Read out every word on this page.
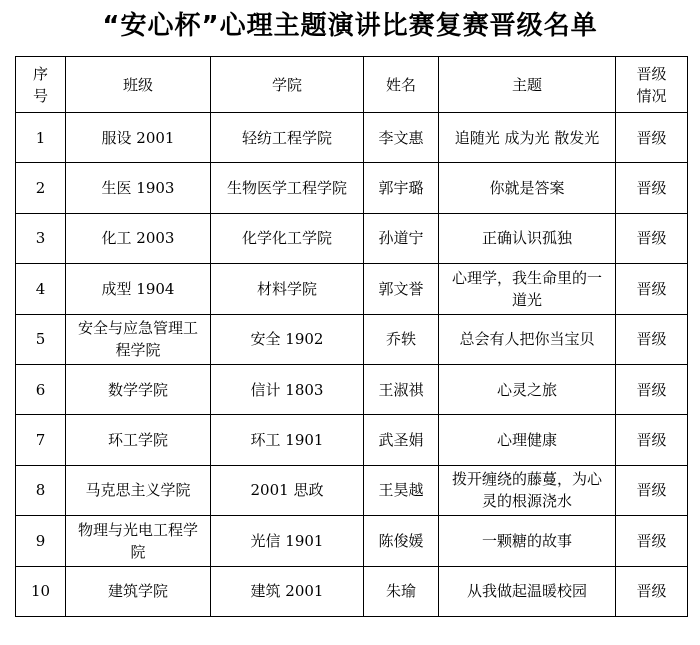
“安心杯”心理主题演讲比赛复赛晋级名单
序号	班级	学院	姓名	主题	晋级情况
1	服设 2001	轻纺工程学院	李文惠	追随光 成为光 散发光	晋级
2	生医 1903	生物医学工程学院	郭宇璐	你就是答案	晋级
3	化工 2003	化学化工学院	孙道宁	正确认识孤独	晋级
4	成型 1904	材料学院	郭文誉	心理学，我生命里的一道光	晋级
5	安全与应急管理工程学院	安全 1902	乔轶	总会有人把你当宝贝	晋级
6	数学学院	信计 1803	王淑祺	心灵之旅	晋级
7	环工学院	环工 1901	武圣娟	心理健康	晋级
8	马克思主义学院	2001 思政	王昊越	拨开缠绕的藤蔓，为心灵的根源浇水	晋级
9	物理与光电工程学院	光信 1901	陈俊媛	一颗糖的故事	晋级
10	建筑学院	建筑 2001	朱瑜	从我做起温暖校园	晋级
